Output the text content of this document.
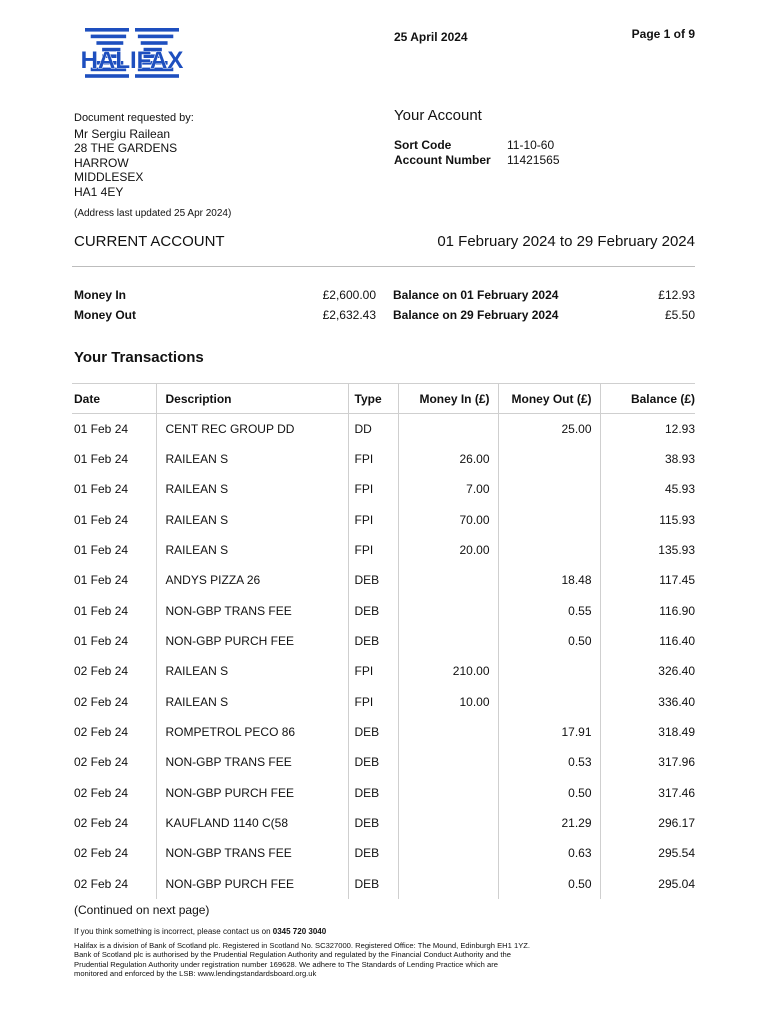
HALIFAX
25 April 2024	Page 1 of 9
Document requested by:
Mr Sergiu Railean
28 THE GARDENS
HARROW
MIDDLESEX
HA1 4EY
(Address last updated 25 Apr 2024)
Your Account
Sort Code	11-10-60
Account Number	11421565
CURRENT ACCOUNT	01 February 2024 to 29 February 2024
Money In	£2,600.00	Balance on 01 February 2024	£12.93
Money Out	£2,632.43	Balance on 29 February 2024	£5.50
Your Transactions
Date	Description	Type	Money In (£)	Money Out (£)	Balance (£)
01 Feb 24	CENT REC GROUP DD	DD		25.00	12.93
01 Feb 24	RAILEAN S	FPI	26.00		38.93
01 Feb 24	RAILEAN S	FPI	7.00		45.93
01 Feb 24	RAILEAN S	FPI	70.00		115.93
01 Feb 24	RAILEAN S	FPI	20.00		135.93
01 Feb 24	ANDYS PIZZA 26	DEB		18.48	117.45
01 Feb 24	NON-GBP TRANS FEE	DEB		0.55	116.90
01 Feb 24	NON-GBP PURCH FEE	DEB		0.50	116.40
02 Feb 24	RAILEAN S	FPI	210.00		326.40
02 Feb 24	RAILEAN S	FPI	10.00		336.40
02 Feb 24	ROMPETROL PECO 86	DEB		17.91	318.49
02 Feb 24	NON-GBP TRANS FEE	DEB		0.53	317.96
02 Feb 24	NON-GBP PURCH FEE	DEB		0.50	317.46
02 Feb 24	KAUFLAND 1140 C(58	DEB		21.29	296.17
02 Feb 24	NON-GBP TRANS FEE	DEB		0.63	295.54
02 Feb 24	NON-GBP PURCH FEE	DEB		0.50	295.04
(Continued on next page)
If you think something is incorrect, please contact us on 0345 720 3040
Halifax is a division of Bank of Scotland plc. Registered in Scotland No. SC327000. Registered Office: The Mound, Edinburgh EH1 1YZ.
Bank of Scotland plc is authorised by the Prudential Regulation Authority and regulated by the Financial Conduct Authority and the
Prudential Regulation Authority under registration number 169628. We adhere to The Standards of Lending Practice which are
monitored and enforced by the LSB: www.lendingstandardsboard.org.uk
